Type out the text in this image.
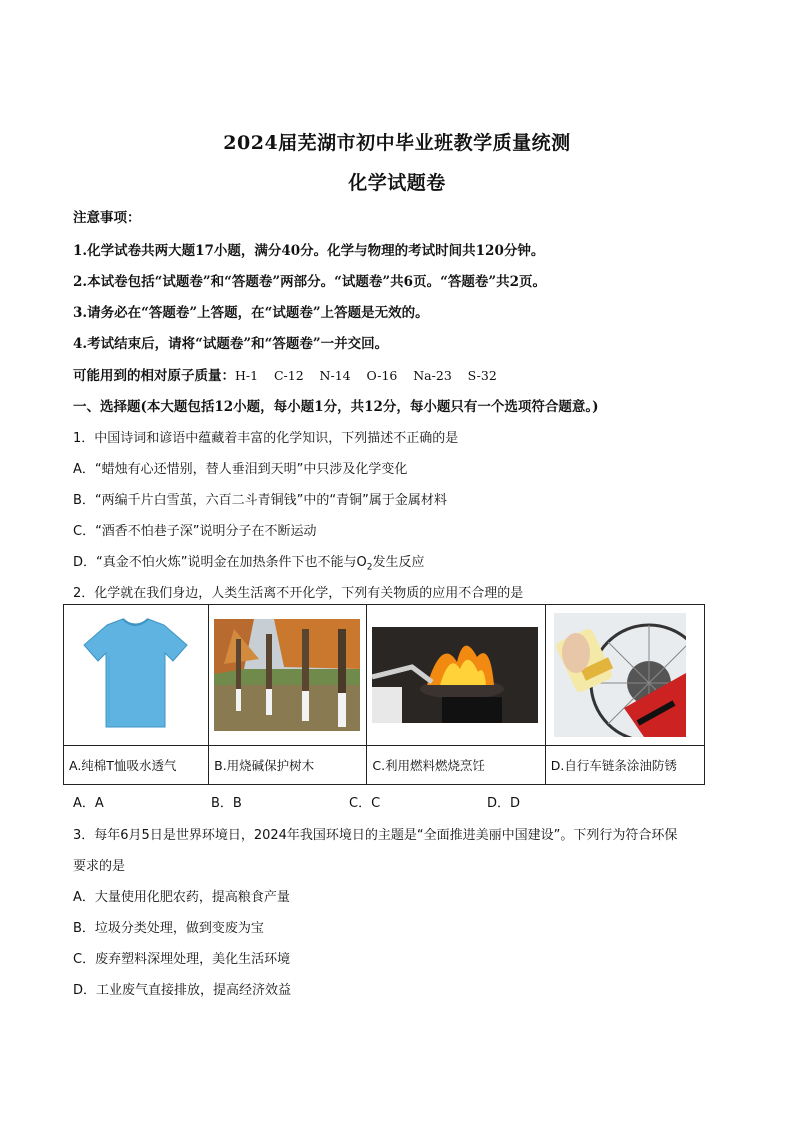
2024届芜湖市初中毕业班教学质量统测
化学试题卷
注意事项：
1.化学试卷共两大题17小题，满分40分。化学与物理的考试时间共120分钟。
2.本试卷包括“试题卷”和“答题卷”两部分。“试题卷”共6页。“答题卷”共2页。
3.请务必在“答题卷”上答题，在“试题卷”上答题是无效的。
4.考试结束后，请将“试题卷”和“答题卷”一并交回。
可能用到的相对原子质量：H-1    C-12    N-14    O-16    Na-23    S-32
一、选择题(本大题包括12小题，每小题1分，共12分，每小题只有一个选项符合题意。)
1．中国诗词和谚语中蕴藏着丰富的化学知识，下列描述不正确的是
A．“蜡烛有心还惜别，替人垂泪到天明”中只涉及化学变化
B．“两编千片白雪茧，六百二斗青铜钱”中的“青铜”属于金属材料
C．“酒香不怕巷子深”说明分子在不断运动
D．“真金不怕火炼”说明金在加热条件下也不能与$O_2$发生反应
2．化学就在我们身边，人类生活离不开化学，下列有关物质的应用不合理的是

A.纯棉T恤吸水透气	B.用烧碱保护树木	C.利用燃料燃烧烹饪	D.自行车链条涂油防锈
A．A	B．B	C．C	D．D
3．每年6月5日是世界环境日，2024年我国环境日的主题是“全面推进美丽中国建设”。下列行为符合环保
要求的是
A．大量使用化肥农药，提高粮食产量
B．垃圾分类处理，做到变废为宝
C．废弃塑料深埋处理，美化生活环境
D．工业废气直接排放，提高经济效益
